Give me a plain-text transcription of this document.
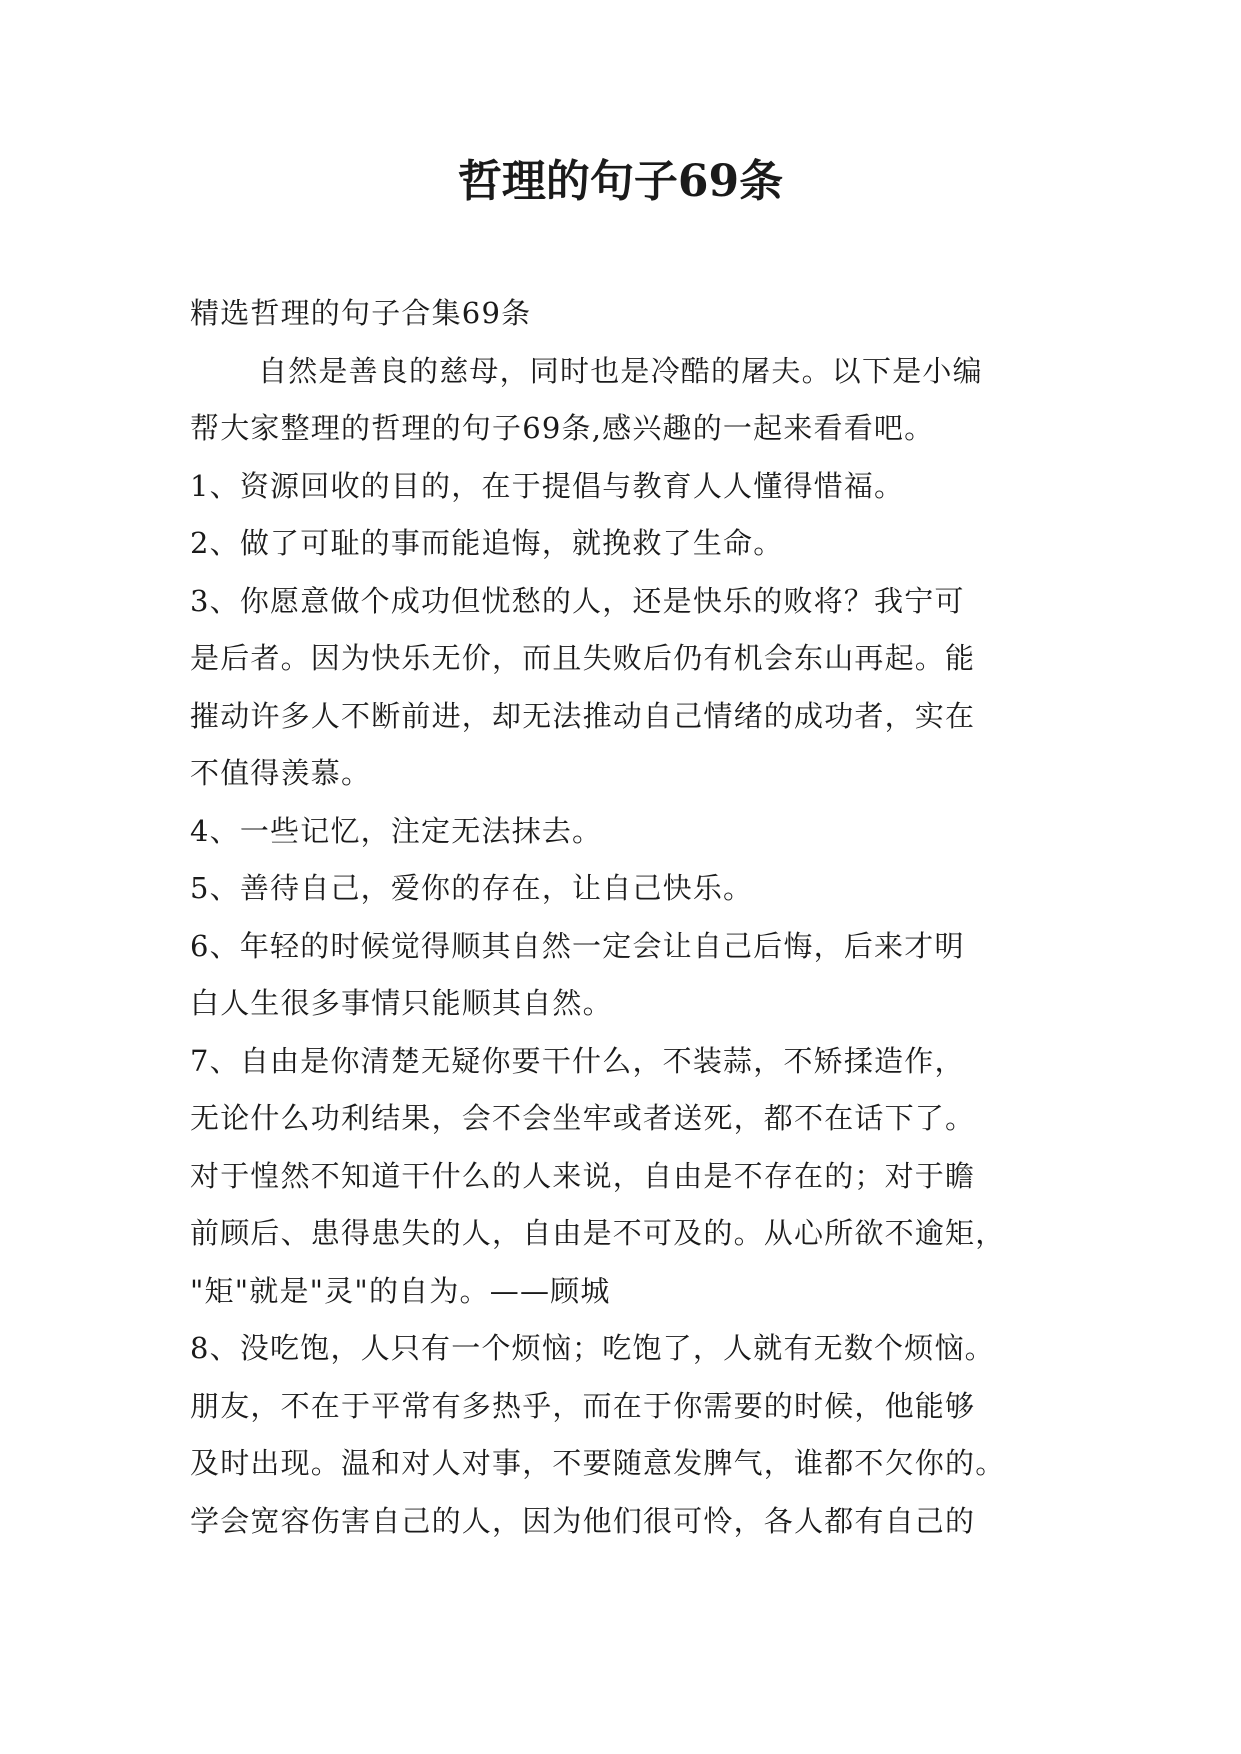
哲理的句子69条
精选哲理的句子合集69条
自然是善良的慈母，同时也是冷酷的屠夫。以下是小编
帮大家整理的哲理的句子69条,感兴趣的一起来看看吧。
1、资源回收的目的，在于提倡与教育人人懂得惜福。
2、做了可耻的事而能追悔，就挽救了生命。
3、你愿意做个成功但忧愁的人，还是快乐的败将？我宁可
是后者。因为快乐无价，而且失败后仍有机会东山再起。能
摧动许多人不断前进，却无法推动自己情绪的成功者，实在
不值得羡慕。
4、一些记忆，注定无法抹去。
5、善待自己，爱你的存在，让自己快乐。
6、年轻的时候觉得顺其自然一定会让自己后悔，后来才明
白人生很多事情只能顺其自然。
7、自由是你清楚无疑你要干什么，不装蒜，不矫揉造作，
无论什么功利结果，会不会坐牢或者送死，都不在话下了。
对于惶然不知道干什么的人来说，自由是不存在的；对于瞻
前顾后、患得患失的人，自由是不可及的。从心所欲不逾矩，
"矩"就是"灵"的自为。——顾城
8、没吃饱，人只有一个烦恼；吃饱了，人就有无数个烦恼。
朋友，不在于平常有多热乎，而在于你需要的时候，他能够
及时出现。温和对人对事，不要随意发脾气，谁都不欠你的。
学会宽容伤害自己的人，因为他们很可怜，各人都有自己的
